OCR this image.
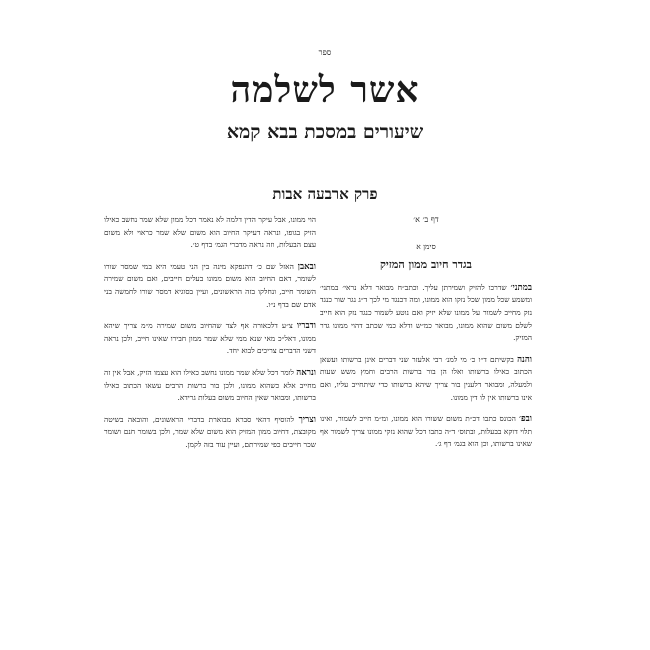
ספר
אשר לשלמה
שיעורים במסכת בבא קמא
פרק ארבעה אבות
דף ב׳ א׳
סימן א
בגדר חיוב ממון המזיק

במתני׳ שדרכו להזיק ושמירתן עליך. וכתב״ח מבואר דלא נראי׳ במתני׳ ומשמע שכל ממון שכל נזקו הוא ממונו, ומה דכנגד מי לכך ד״ג נגר שור כנגד נזק מחייב לשמור על ממונו שלא יזיק ואם נוטע לשמור כנגד נזק הוא חייב לשלם משום שהוא ממונו, מבואר כמ״ש ודלא כמי שכתב דהוי ממונו גדר המזיק.

והנה בקשיתם ד״ו כ׳ מי למנ׳ רבי אלעזר שני דברים אינן ברשותו ועשאן הכתוב כאילו ברשותו ואלו הן בור ברשות הרבים וחמץ משש שעות ולמעלה, ומבואר דלענין בור צריך שיהא ברשותו כדי שיתחייב עליו, ואם אינו ברשותו אין לו דין ממונו.

ובפ׳ הכונס כתבו דכ״ת משום ששורו הוא ממונו, ומ״מ חייב לשמור, ואינו תלוי דוקא בבעלות, ובתוס׳ ד״ה כתבו דכל שהוא נזקי ממונו צריך לשמור אף שאינו ברשותו, וכן הוא בגמ׳ דף ג׳.

הוי ממונו, אבל עיקר הדין דלמה לא נאמר דכל ממון שלא שמר נחשב כאילו הזיק בגופו, ונראה דעיקר החיוב הוא משום שלא שמר כראוי ולא משום עצם הבעלות, וזה נראה מדברי הגמ׳ בדף ט׳.

ובאבן האזל שם כ׳ דהנפקא מינה בין הני טעמי היא במי שמסר שורו לשומר, דאם החיוב הוא משום ממונו בעלים חייבים, ואם משום שמירה השומר חייב, ונחלקו בזה הראשונים, ועיין בסוגיא דמסר שורו לחמשה בני אדם שם בדף נ״ו.

ודבריו צ״ע דלכאורה אף לצד שהחיוב משום שמירה מ״מ צריך שיהא ממונו, דאל״כ מאי שנא ממי שלא שמר ממון חבירו שאינו חייב, ולכן נראה דשני הדברים צריכים לבוא יחד.

ונראה לומר דכל שלא שמר ממונו נחשב כאילו הוא עצמו הזיק, אבל אין זה מחייב אלא כשהוא ממונו, ולכן בור ברשות הרבים עשאו הכתוב כאילו ברשותו, ומבואר שאין החיוב משום בעלות גרידא.

וצריך להוסיף דהאי סברא מבוארת בדברי הראשונים, והובאה בשיטה מקובצת, דחיוב ממון המזיק הוא משום שלא שמר, ולכן בשומר חנם ושומר שכר חייבים כפי שמירתם, ועיין עוד בזה לקמן.
